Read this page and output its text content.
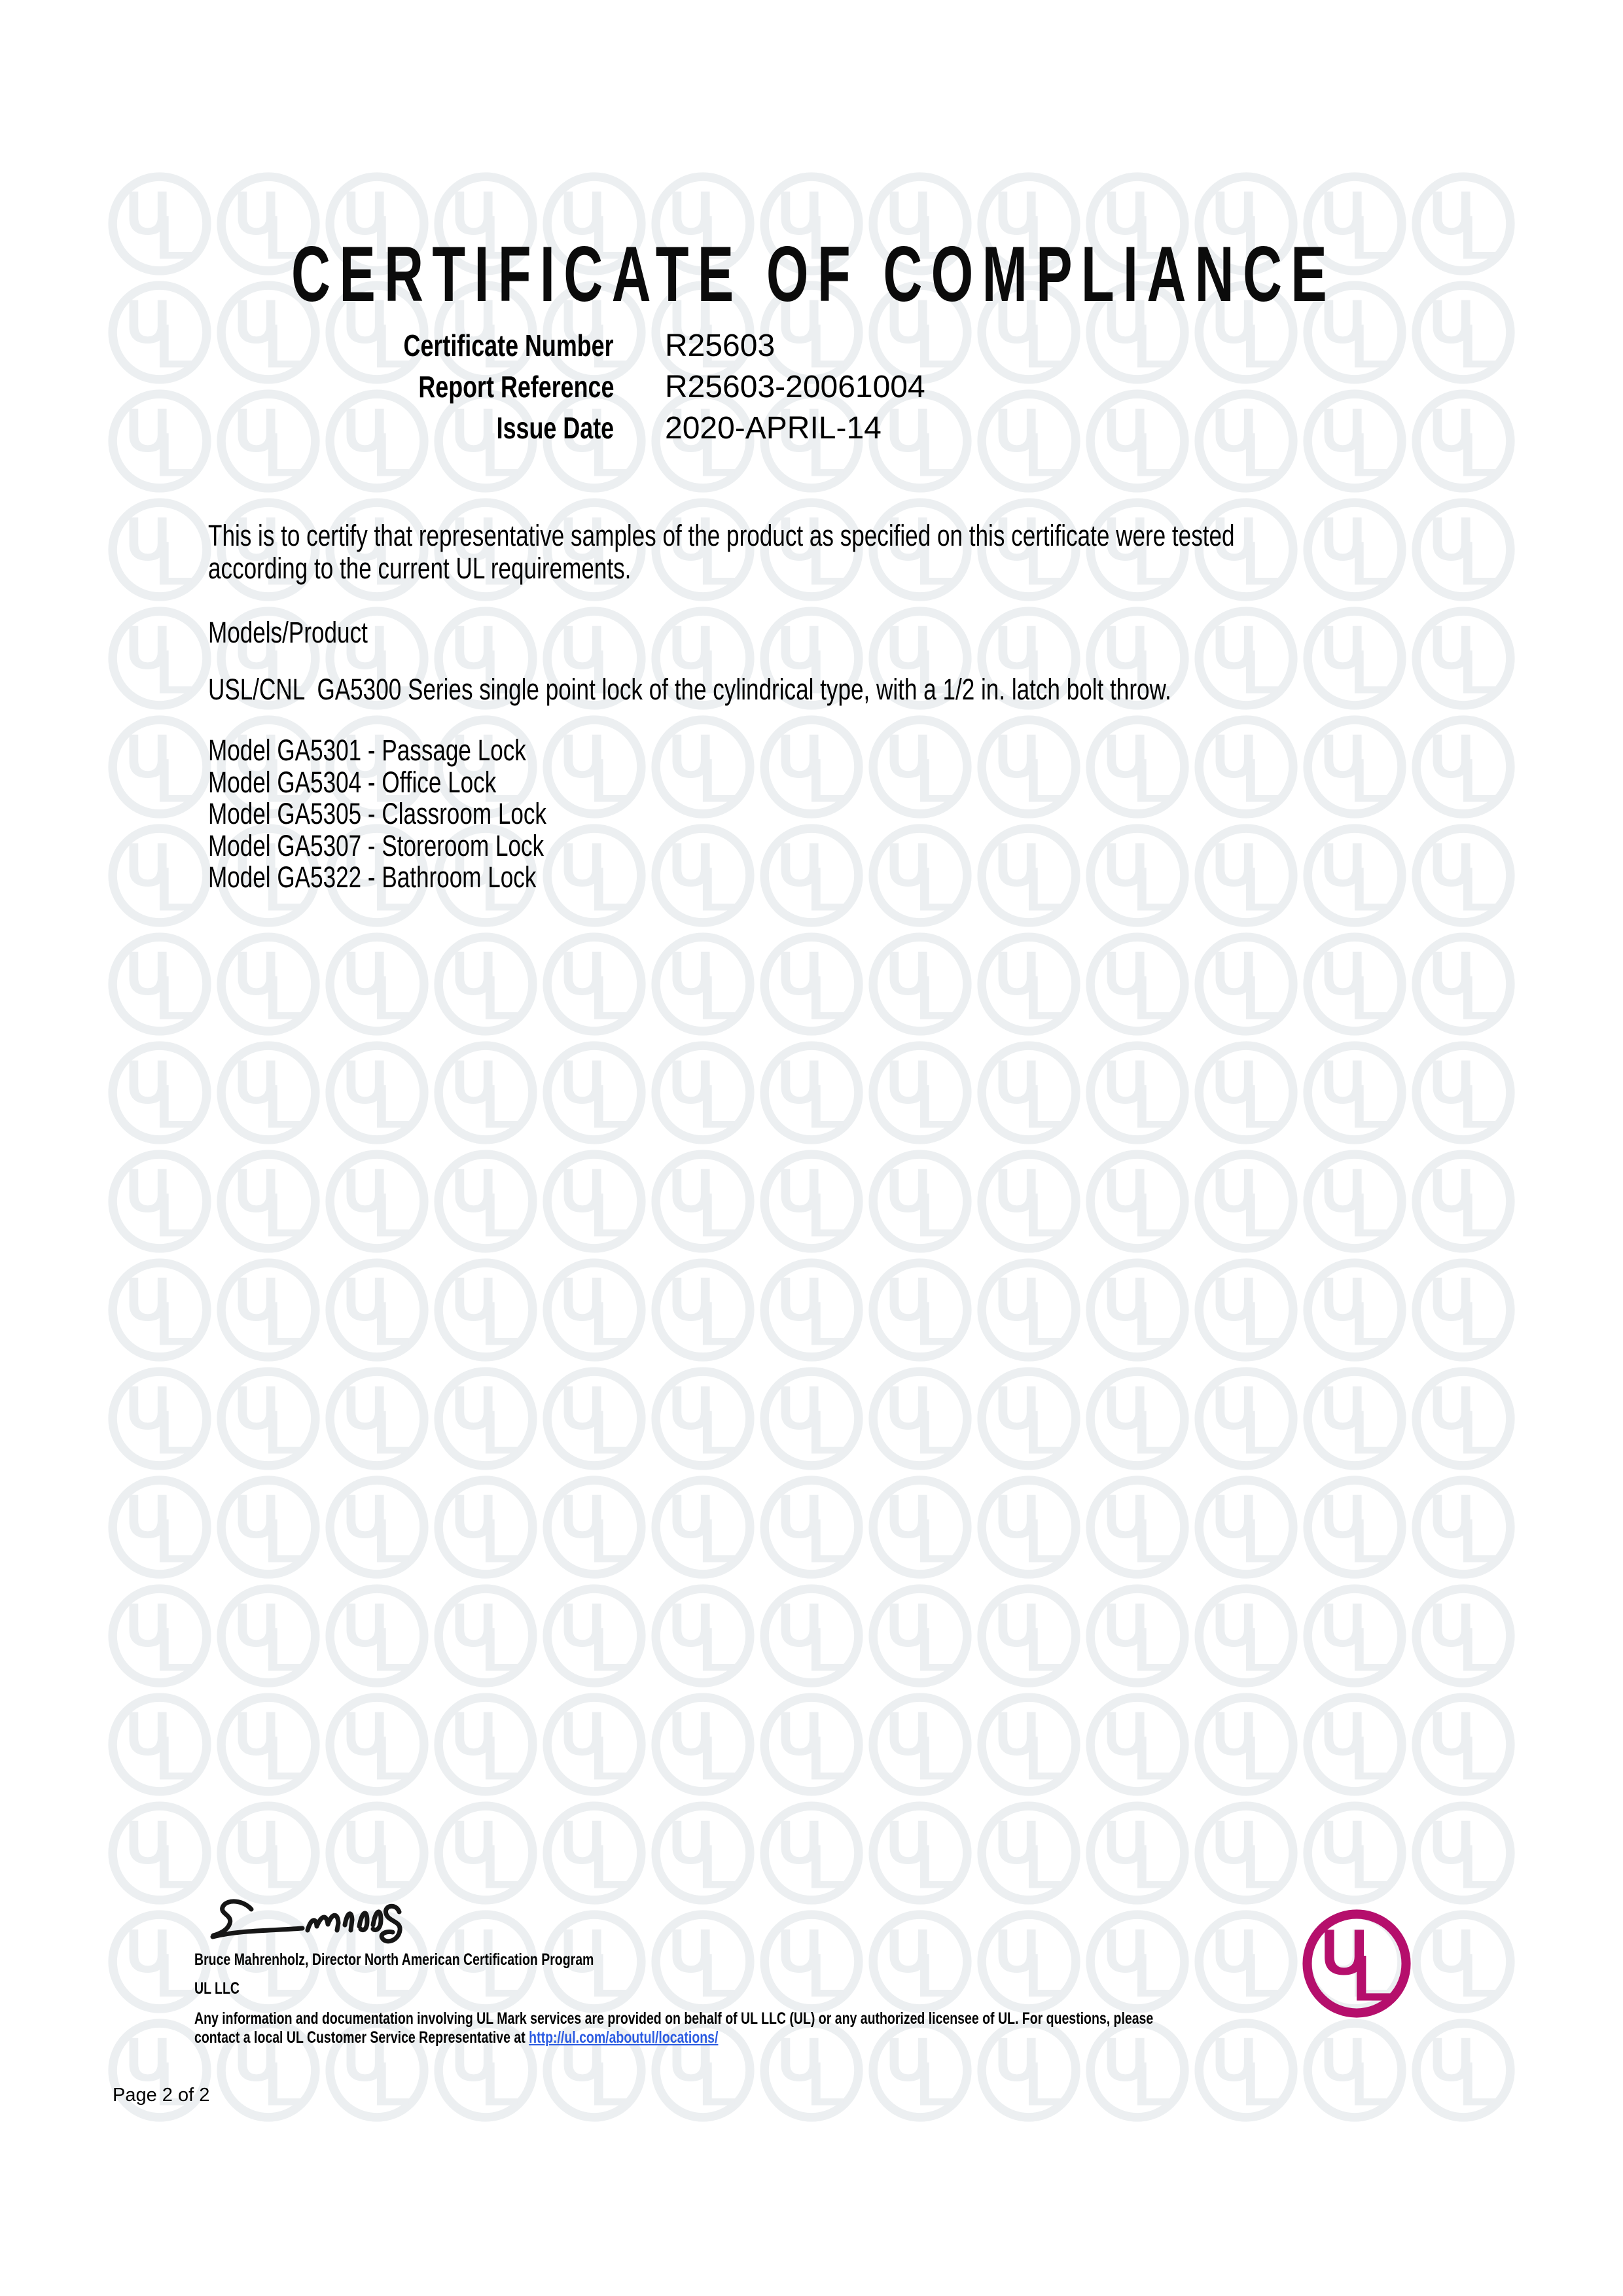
CERTIFICATE OF COMPLIANCE
Certificate Number R25603
Report Reference R25603-20061004
Issue Date 2020-APRIL-14
This is to certify that representative samples of the product as specified on this certificate were tested
according to the current UL requirements.
Models/Product
USL/CNL  GA5300 Series single point lock of the cylindrical type, with a 1/2 in. latch bolt throw.
Model GA5301 - Passage Lock
Model GA5304 - Office Lock
Model GA5305 - Classroom Lock
Model GA5307 - Storeroom Lock
Model GA5322 - Bathroom Lock
Bruce Mahrenholz, Director North American Certification Program
UL LLC
Any information and documentation involving UL Mark services are provided on behalf of UL LLC (UL) or any authorized licensee of UL. For questions, please
contact a local UL Customer Service Representative at http://ul.com/aboutul/locations/
Page 2 of 2
